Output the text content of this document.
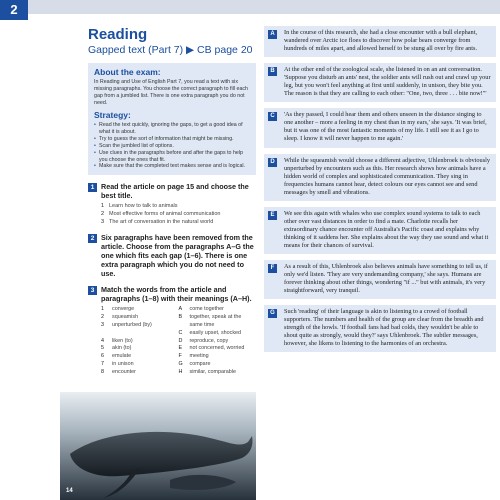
2
Reading
Gapped text (Part 7) ▶ CB page 20
About the exam:
In Reading and Use of English Part 7, you read a text with six missing paragraphs. You choose the correct paragraph to fill each gap from a jumbled list. There is one extra paragraph you do not need.
Strategy:
• Read the text quickly, ignoring the gaps, to get a good idea of what it is about.
• Try to guess the sort of information that might be missing.
• Scan the jumbled list of options.
• Use clues in the paragraphs before and after the gaps to help you choose the ones that fit.
• Make sure that the completed text makes sense and is logical.
1 Read the article on page 15 and choose the best title.
1 Learn how to talk to animals
2 Most effective forms of animal communication
3 The art of conversation in the natural world
2 Six paragraphs have been removed from the article. Choose from the paragraphs A–G the one which fits each gap (1–6). There is one extra paragraph which you do not need to use.
3 Match the words from the article and paragraphs (1–8) with their meanings (A–H).
1	converge
2	squeamish
3	unperturbed (by)
4	liken (to)
5	akin (to)
6	emulate
7	in unison
8	encounter
A	come together
B	together, speak at the same time
C	easily upset, shocked
D	reproduce, copy
E	not concerned, worried
F	meeting
G	compare
H	similar, comparable
14
A	In the course of this research, she had a close encounter with a bull elephant, wandered over Arctic ice floes to discover how polar bears converge from hundreds of miles apart, and allowed herself to be stung all over by fire ants.
B	At the other end of the zoological scale, she listened in on an ant conversation. 'Suppose you disturb an ants' nest, the soldier ants will rush out and crawl up your leg, but you won't feel anything at first until suddenly, in unison, they bite you. The reason is that they are calling to each other: "One, two, three . . . bite now!"'
C	'As they passed, I could hear them and others unseen in the distance singing to one another – more a feeling in my chest than in my ears,' she says. 'It was brief, but it was one of the most fantastic moments of my life. I still see it as I go to sleep. I know it will never happen to me again.'
D	While the squeamish would choose a different adjective, Uhlenbroek is obviously unperturbed by encounters such as this. Her research shows how animals have a hidden world of complex and sophisticated communication. They sing in frequencies humans cannot hear, detect colours our eyes cannot see and send messages by smell and vibrations.
E	We see this again with whales who use complex sound systems to talk to each other over vast distances in order to find a mate. Charlotte recalls her extraordinary chance encounter off Australia's Pacific coast and explains why thinking of it saddens her. She explains about the way they use sound and what it means for their chances of survival.
F	As a result of this, Uhlenbroek also believes animals have something to tell us, if only we'd listen. 'They are very undemanding company,' she says. Humans are forever thinking about other things, wondering "if ..." but with animals, it's very straightforward, very tranquil.
G	Such 'reading' of their language is akin to listening to a crowd of football supporters. The numbers and health of the group are clear from the breadth and strength of the howls. 'If football fans had bad colds, they wouldn't be able to shout quite as strongly, would they?' says Uhlenbroek. The subtler messages, however, she likens to listening to the harmonies of an orchestra.
